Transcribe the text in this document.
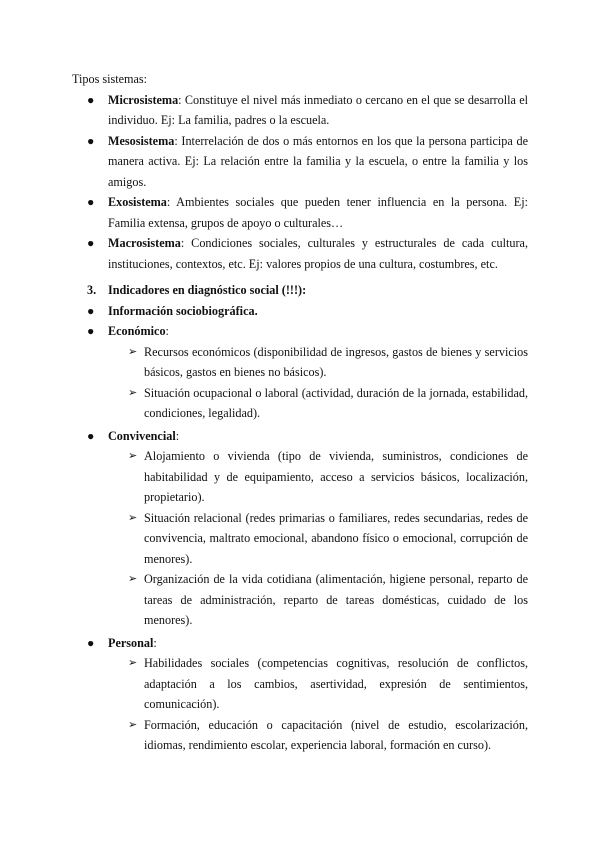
Tipos sistemas:

● Microsistema: Constituye el nivel más inmediato o cercano en el que se desarrolla el individuo. Ej: La familia, padres o la escuela.
● Mesosistema: Interrelación de dos o más entornos en los que la persona participa de manera activa. Ej: La relación entre la familia y la escuela, o entre la familia y los amigos.
● Exosistema: Ambientes sociales que pueden tener influencia en la persona. Ej: Familia extensa, grupos de apoyo o culturales…
● Macrosistema: Condiciones sociales, culturales y estructurales de cada cultura, instituciones, contextos, etc. Ej: valores propios de una cultura, costumbres, etc.
3. Indicadores en diagnóstico social (!!!):
● Información sociobiográfica.
● Económico:
➢ Recursos económicos (disponibilidad de ingresos, gastos de bienes y servicios básicos, gastos en bienes no básicos).
➢ Situación ocupacional o laboral (actividad, duración de la jornada, estabilidad, condiciones, legalidad).
● Convivencial:
➢ Alojamiento o vivienda (tipo de vivienda, suministros, condiciones de habitabilidad y de equipamiento, acceso a servicios básicos, localización, propietario).
➢ Situación relacional (redes primarias o familiares, redes secundarias, redes de convivencia, maltrato emocional, abandono físico o emocional, corrupción de menores).
➢ Organización de la vida cotidiana (alimentación, higiene personal, reparto de tareas de administración, reparto de tareas domésticas, cuidado de los menores).
● Personal:
➢ Habilidades sociales (competencias cognitivas, resolución de conflictos, adaptación a los cambios, asertividad, expresión de sentimientos, comunicación).
➢ Formación, educación o capacitación (nivel de estudio, escolarización, idiomas, rendimiento escolar, experiencia laboral, formación en curso).
